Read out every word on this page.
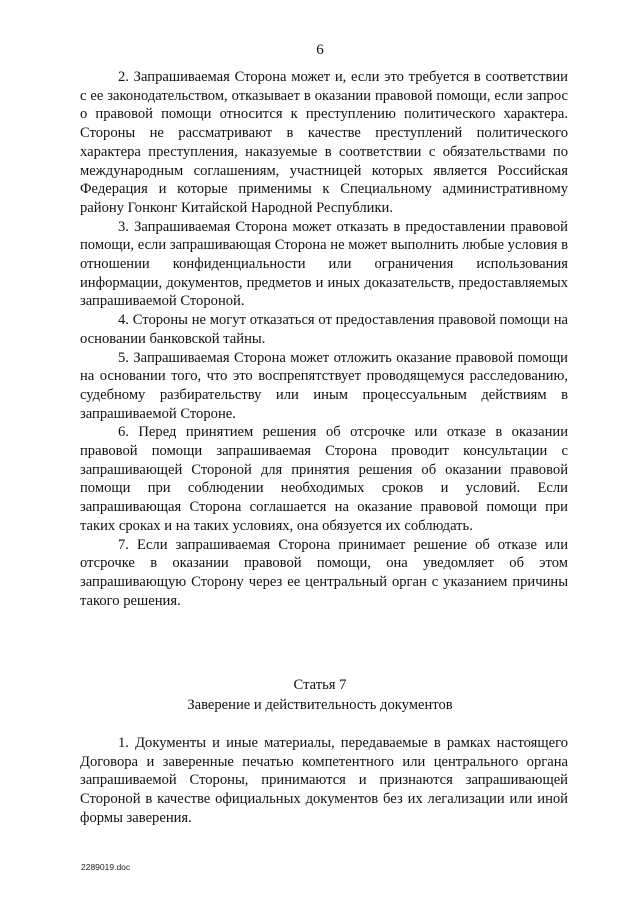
6

2. Запрашиваемая Сторона может и, если это требуется в соответствии с ее законодательством, отказывает в оказании правовой помощи, если запрос о правовой помощи относится к преступлению политического характера. Стороны не рассматривают в качестве преступлений политического характера преступления, наказуемые в соответствии с обязательствами по международным соглашениям, участницей которых является Российская Федерация и которые применимы к Специальному административному району Гонконг Китайской Народной Республики.

3. Запрашиваемая Сторона может отказать в предоставлении правовой помощи, если запрашивающая Сторона не может выполнить любые условия в отношении конфиденциальности или ограничения использования информации, документов, предметов и иных доказательств, предоставляемых запрашиваемой Стороной.

4. Стороны не могут отказаться от предоставления правовой помощи на основании банковской тайны.

5. Запрашиваемая Сторона может отложить оказание правовой помощи на основании того, что это воспрепятствует проводящемуся расследованию, судебному разбирательству или иным процессуальным действиям в запрашиваемой Стороне.

6. Перед принятием решения об отсрочке или отказе в оказании правовой помощи запрашиваемая Сторона проводит консультации с запрашивающей Стороной для принятия решения об оказании правовой помощи при соблюдении необходимых сроков и условий. Если запрашивающая Сторона соглашается на оказание правовой помощи при таких сроках и на таких условиях, она обязуется их соблюдать.

7. Если запрашиваемая Сторона принимает решение об отказе или отсрочке в оказании правовой помощи, она уведомляет об этом запрашивающую Сторону через ее центральный орган с указанием причины такого решения.

Статья 7
Заверение и действительность документов

1. Документы и иные материалы, передаваемые в рамках настоящего Договора и заверенные печатью компетентного или центрального органа запрашиваемой Стороны, принимаются и признаются запрашивающей Стороной в качестве официальных документов без их легализации или иной формы заверения.

2289019.doc
